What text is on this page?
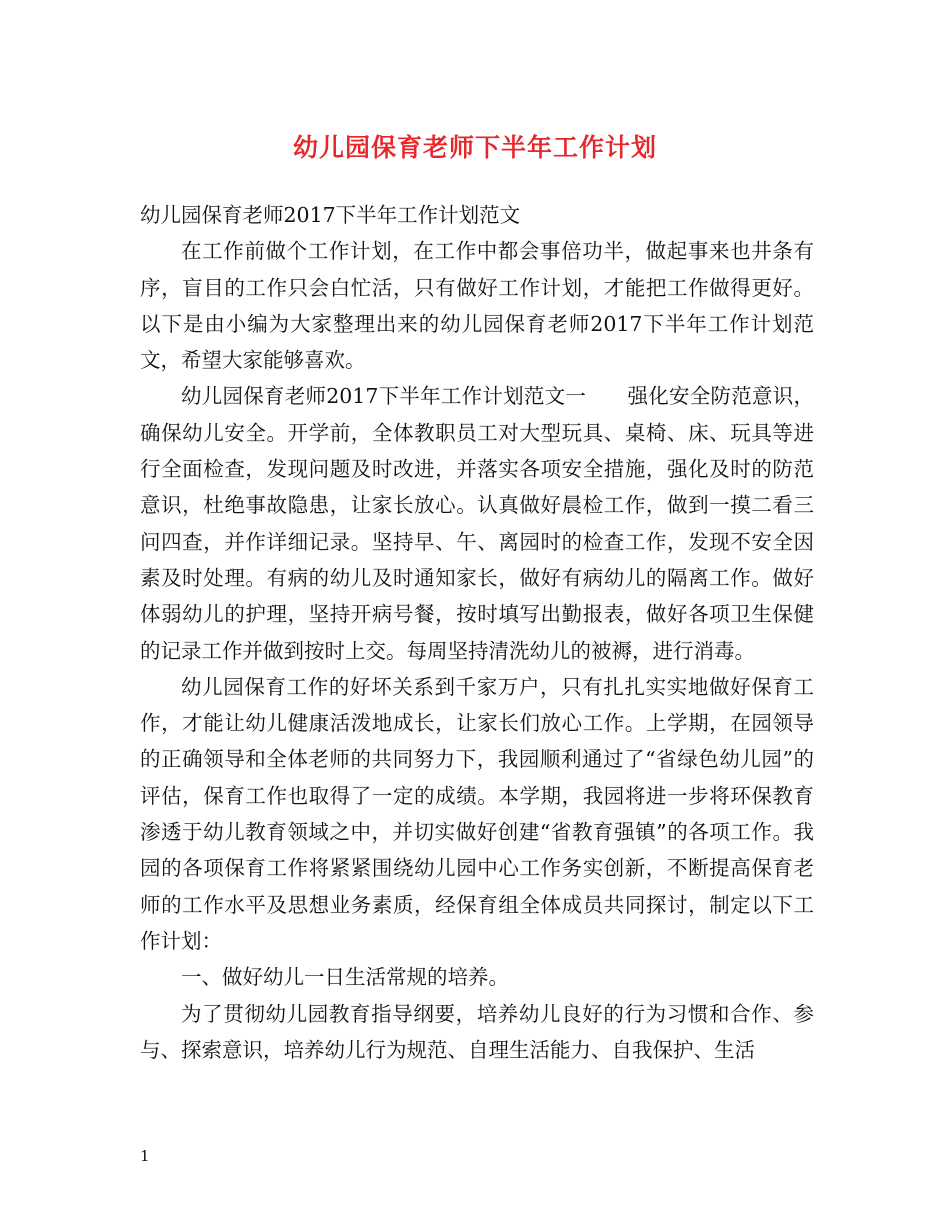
幼儿园保育老师下半年工作计划

幼儿园保育老师2017下半年工作计划范文

在工作前做个工作计划，在工作中都会事倍功半，做起事来也井条有序，盲目的工作只会白忙活，只有做好工作计划，才能把工作做得更好。以下是由小编为大家整理出来的幼儿园保育老师2017下半年工作计划范文，希望大家能够喜欢。

幼儿园保育老师2017下半年工作计划范文一　　强化安全防范意识，确保幼儿安全。开学前，全体教职员工对大型玩具、桌椅、床、玩具等进行全面检查，发现问题及时改进，并落实各项安全措施，强化及时的防范意识，杜绝事故隐患，让家长放心。认真做好晨检工作，做到一摸二看三问四查，并作详细记录。坚持早、午、离园时的检查工作，发现不安全因素及时处理。有病的幼儿及时通知家长，做好有病幼儿的隔离工作。做好体弱幼儿的护理，坚持开病号餐，按时填写出勤报表，做好各项卫生保健的记录工作并做到按时上交。每周坚持清洗幼儿的被褥，进行消毒。

幼儿园保育工作的好坏关系到千家万户，只有扎扎实实地做好保育工作，才能让幼儿健康活泼地成长，让家长们放心工作。上学期，在园领导的正确领导和全体老师的共同努力下，我园顺利通过了“省绿色幼儿园”的评估，保育工作也取得了一定的成绩。本学期，我园将进一步将环保教育渗透于幼儿教育领域之中，并切实做好创建“省教育强镇”的各项工作。我园的各项保育工作将紧紧围绕幼儿园中心工作务实创新，不断提高保育老师的工作水平及思想业务素质，经保育组全体成员共同探讨，制定以下工作计划：

一、做好幼儿一日生活常规的培养。

为了贯彻幼儿园教育指导纲要，培养幼儿良好的行为习惯和合作、参与、探索意识，培养幼儿行为规范、自理生活能力、自我保护、生活

1
